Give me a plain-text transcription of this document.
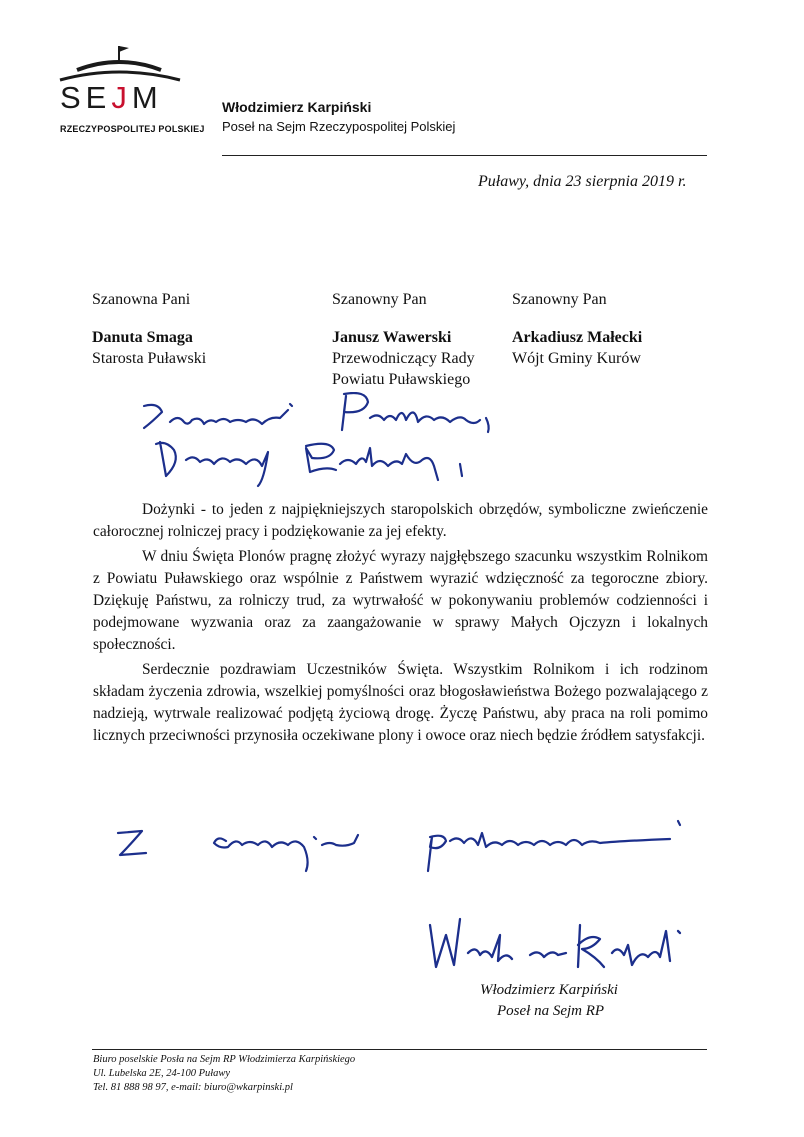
SEJM
RZECZYPOSPOLITEJ POLSKIEJ
Włodzimierz Karpiński
Poseł na Sejm Rzeczypospolitej Polskiej
Puławy, dnia 23 sierpnia 2019 r.
Szanowna Pani
Danuta Smaga
Starosta Puławski
Szanowny Pan
Janusz Wawerski
Przewodniczący Rady
Powiatu Puławskiego
Szanowny Pan
Arkadiusz Małecki
Wójt Gminy Kurów

Dożynki - to jeden z najpiękniejszych staropolskich obrzędów, symboliczne zwieńczenie całorocznej rolniczej pracy i podziękowanie za jej efekty.

W dniu Święta Plonów pragnę złożyć wyrazy najgłębszego szacunku wszystkim Rolnikom z Powiatu Puławskiego oraz wspólnie z Państwem wyrazić wdzięczność za tegoroczne zbiory. Dziękuję Państwu, za rolniczy trud, za wytrwałość w pokonywaniu problemów codzienności i podejmowane wyzwania oraz za zaangażowanie w sprawy Małych Ojczyzn i lokalnych społeczności.

Serdecznie pozdrawiam Uczestników Święta. Wszystkim Rolnikom i ich rodzinom składam życzenia zdrowia, wszelkiej pomyślności oraz błogosławieństwa Bożego pozwalającego z nadzieją, wytrwale realizować podjętą życiową drogę. Życzę Państwu, aby praca na roli pomimo licznych przeciwności przynosiła oczekiwane plony i owoce oraz niech będzie źródłem satysfakcji.

Włodzimierz Karpiński
Poseł na Sejm RP
Biuro poselskie Posła na Sejm RP Włodzimierza Karpińskiego
Ul. Lubelska 2E, 24-100 Puławy
Tel. 81 888 98 97, e-mail: biuro@wkarpinski.pl
